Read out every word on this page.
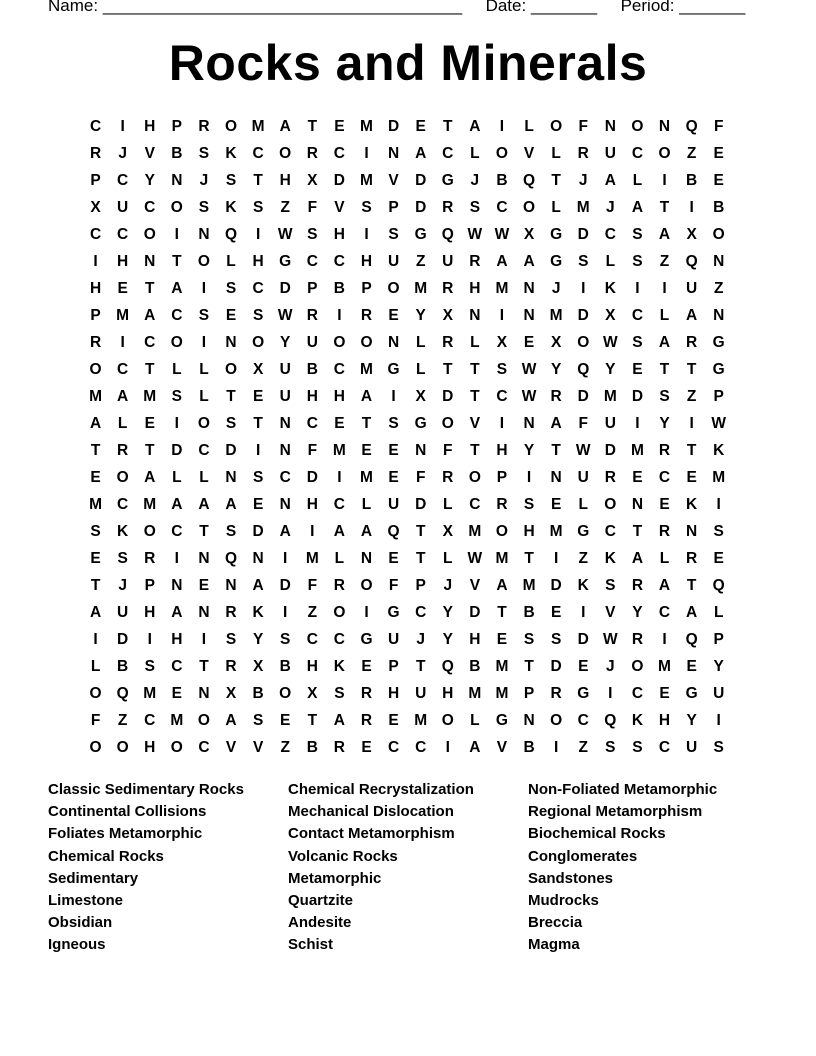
Name: ______________________________________ Date: _______ Period: _______
Rocks and Minerals
C	I	H	P	R O M A	T	E M D	E	T	A	I	L	O	F	N O N Q	F
R	J	V	B	S	K	C O R	C	I	N	A	C	L	O	V	L	R	U	C O	Z	E
P	C	Y	N	J	S	T	H	X	D M V	D G	J	B Q	T	J	A	L	I	B	E
X	U	C O	S	K	S	Z	F	V	S	P	D	R	S	C O	L	M	J	A	T	I	B
C	C O	I	N Q	I	W S	H	I	S	G Q W W X	G D	C	S	A	X	O
I	H	N	T	O	L	H G C	C	H	U	Z	U	R	A	A G	S	L	S	Z	Q N
H	E	T	A	I	S	C	D	P	B	P	O M R	H M N	J	I	K	I	I	U	Z
P M A	C	S	E	S W R	I	R	E	Y	X	N	I	N M D	X	C	L	A	N
R	I	C O	I	N O	Y	U O O N	L	R	L	X	E	X	O W S	A	R G
O C	T	L	L	O	X	U	B	C M G	L	T	T	S W Y	Q	Y	E	T	T	G
M A M S	L	T	E	U	H	H	A	I	X	D	T	C W R	D M D	S	Z	P
A	L	E	I	O	S	T	N	C	E	T	S	G O	V	I	N	A	F	U	I	Y	I	W
T	R	T	D	C	D	I	N	F	M E	E	N	F	T	H	Y	T W D M R	T	K
E	O A	L	L	N	S	C	D	I	M E	F	R O	P	I	N	U	R	E	C	E M
M C M A	A	A	E	N	H	C	L	U	D	L	C	R	S	E	L	O N	E	K	I
S	K O C	T	S	D	A	I	A	A Q	T	X M O H M G C	T	R	N	S
E	S	R	I	N Q N	I	M	L	N	E	T	L W M	T	I	Z	K	A	L	R	E
T	J	P	N	E	N	A	D	F	R O	F	P	J	V	A M D	K	S	R	A	T	Q
A	U	H	A	N	R	K	I	Z	O	I	G C	Y	D	T	B	E	I	V	Y	C	A	L
I	D	I	H	I	S	Y	S	C	C G U	J	Y	H	E	S	S	D W R	I	Q	P
L	B	S	C	T	R	X	B	H	K	E	P	T	Q B M	T	D	E	J	O M E	Y
O Q M E	N	X	B O	X	S	R	H	U	H M M P	R G	I	C	E	G U
F	Z	C M O A	S	E	T	A	R	E M O	L	G N O C Q K	H	Y	I
O O H O C	V	V	Z	B	R	E	C	C	I	A	V	B	I	Z	S	S	C	U	S
Classic Sedimentary Rocks
Continental Collisions
Foliates Metamorphic
Chemical Rocks
Sedimentary
Limestone
Obsidian
Igneous
Chemical Recrystalization
Mechanical Dislocation
Contact Metamorphism
Volcanic Rocks
Metamorphic
Quartzite
Andesite
Schist
Non-Foliated Metamorphic
Regional Metamorphism
Biochemical Rocks
Conglomerates
Sandstones
Mudrocks
Breccia
Magma
